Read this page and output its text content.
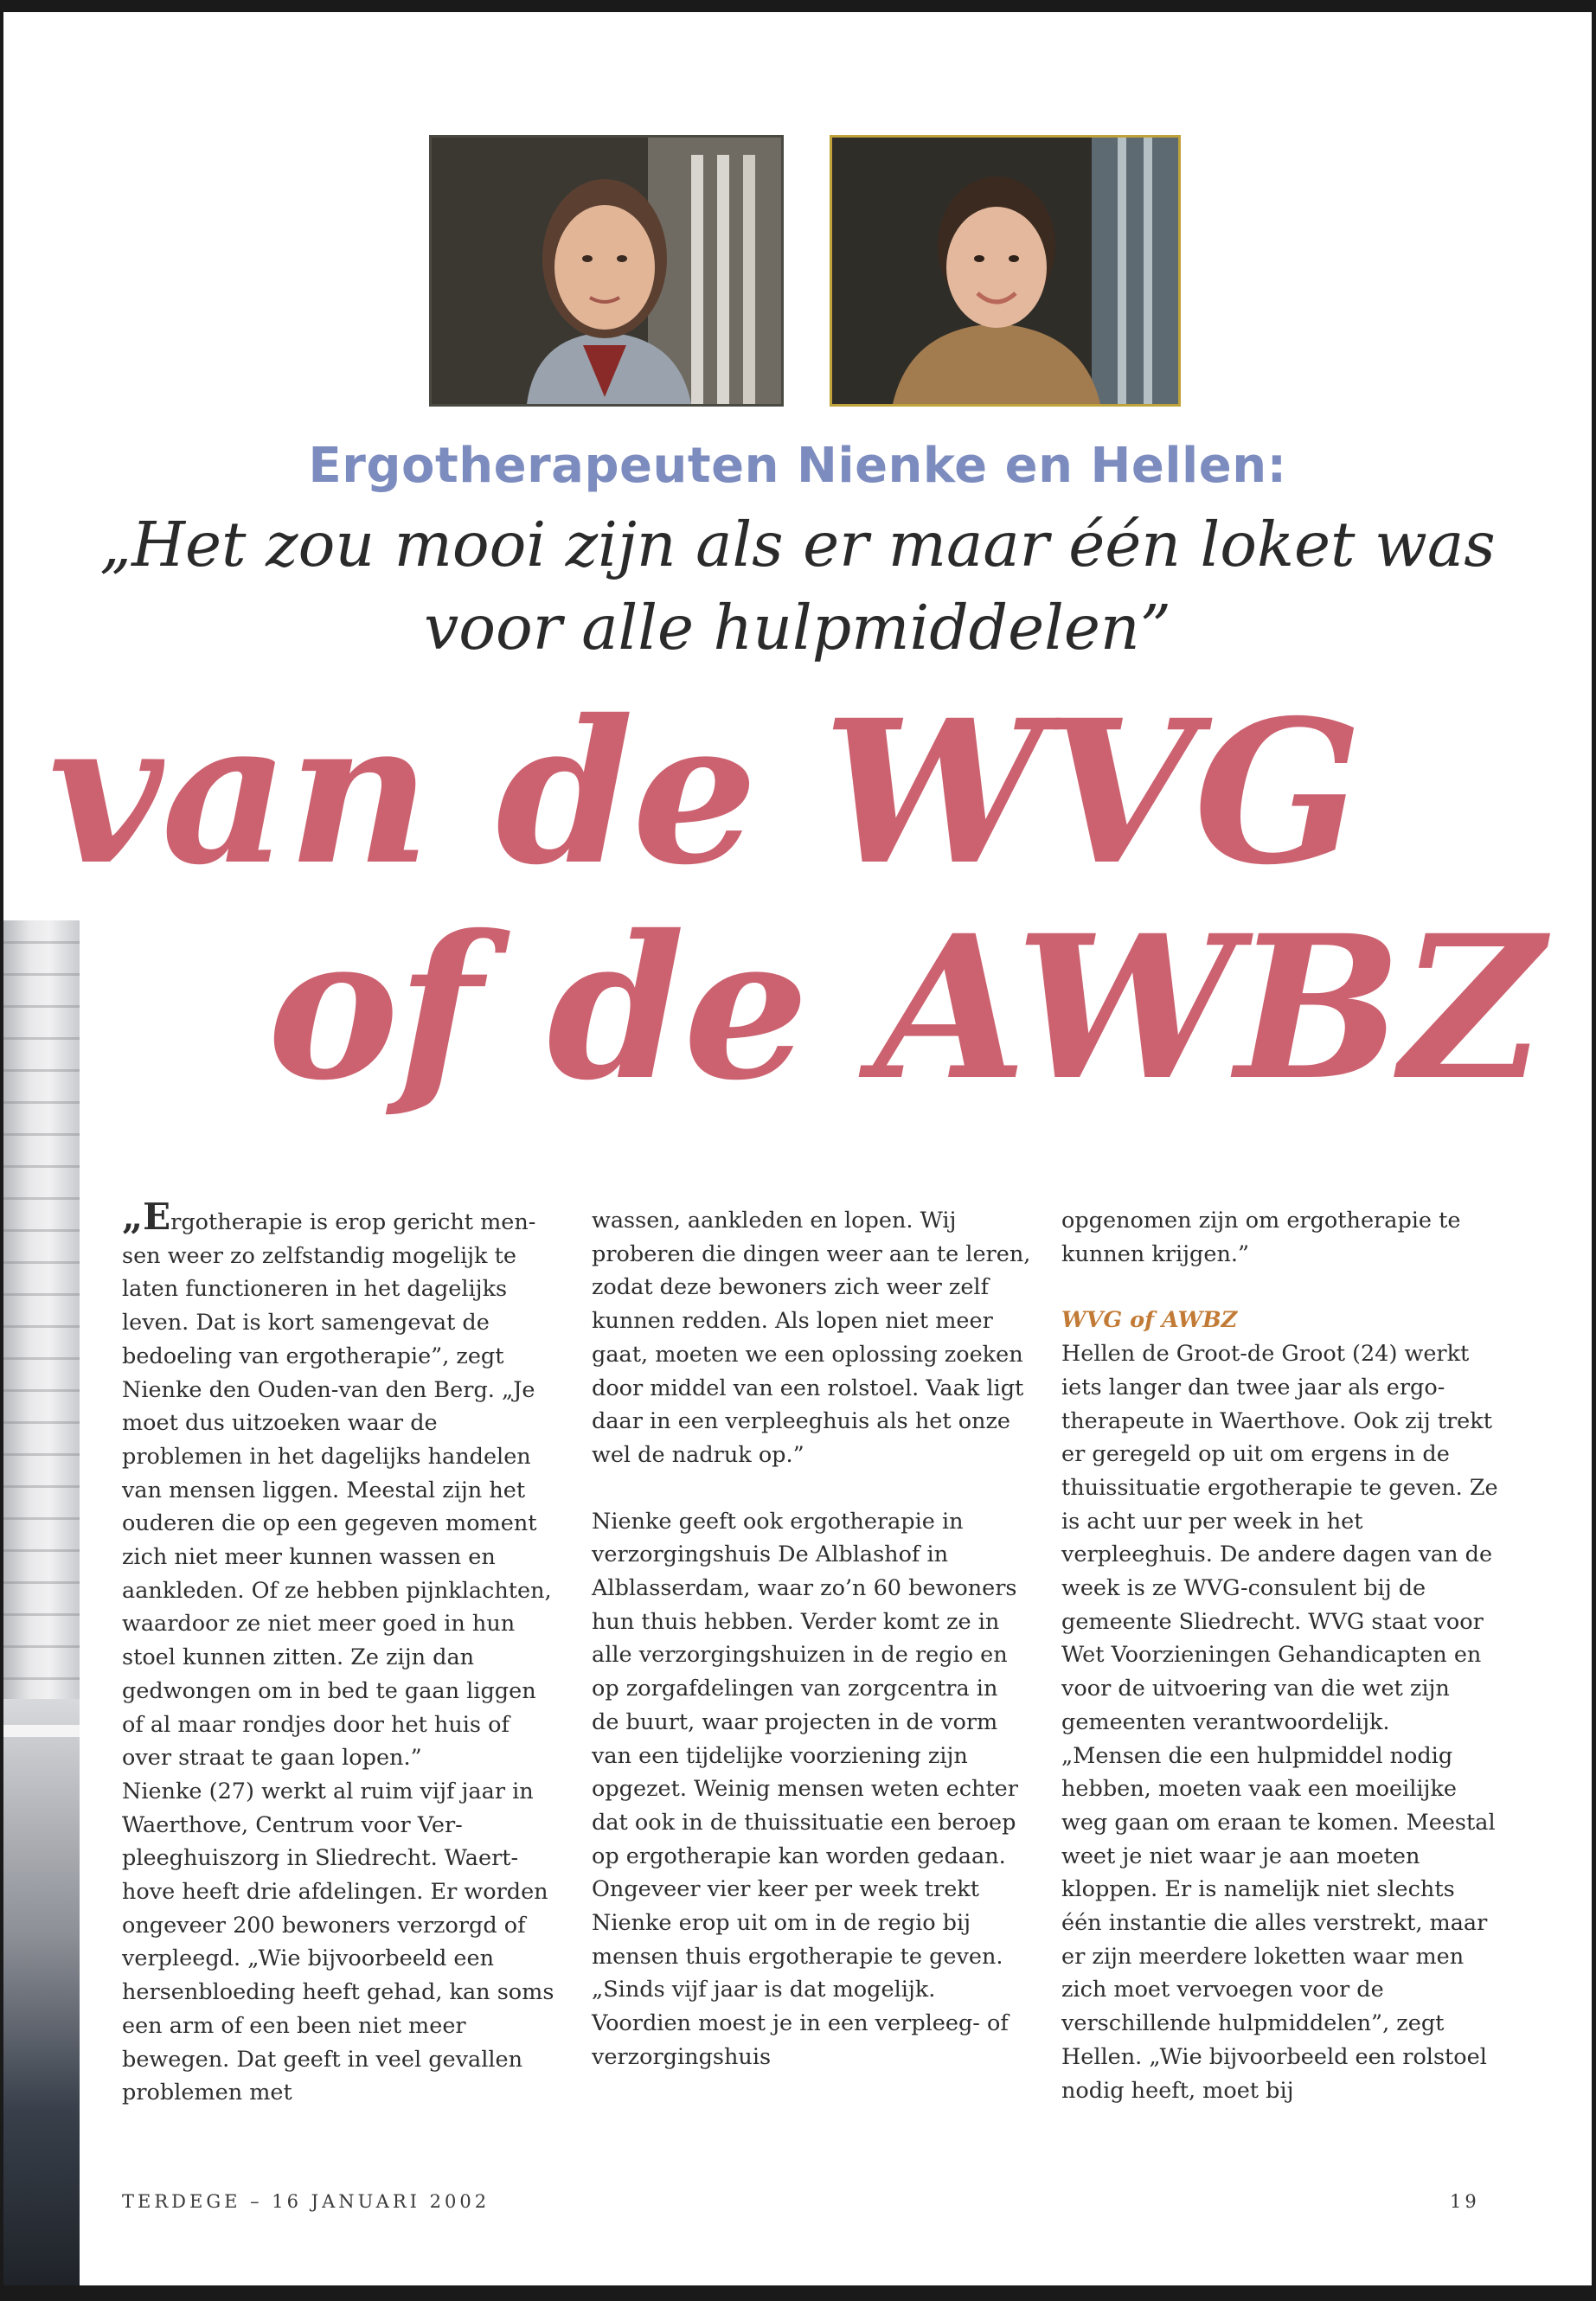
Ergotherapeuten Nienke en Hellen:

„Het zou mooi zijn als er maar één loket was
voor alle hulpmiddelen”
van de WVG
of de AWBZ

„Ergotherapie is erop gericht mensen weer zo zelfstandig mogelijk te laten functioneren in het dagelijks leven. Dat is kort samengevat de bedoeling van ergotherapie”, zegt Nienke den Ouden-van den Berg. „Je moet dus uitzoeken waar de problemen in het dagelijks handelen van mensen liggen. Meestal zijn het ouderen die op een gegeven moment zich niet meer kunnen wassen en aankleden. Of ze hebben pijnklachten, waardoor ze niet meer goed in hun stoel kunnen zitten. Ze zijn dan gedwongen om in bed te gaan liggen of al maar rondjes door het huis of over straat te gaan lopen.”

Nienke (27) werkt al ruim vijf jaar in Waerthove, Centrum voor Verpleeghuiszorg in Sliedrecht. Waerthove heeft drie afdelingen. Er worden ongeveer 200 bewoners verzorgd of verpleegd. „Wie bijvoorbeeld een hersenbloeding heeft gehad, kan soms een arm of een been niet meer bewegen. Dat geeft in veel gevallen problemen met

wassen, aankleden en lopen. Wij proberen die dingen weer aan te leren, zodat deze bewoners zich weer zelf kunnen redden. Als lopen niet meer gaat, moeten we een oplossing zoeken door middel van een rolstoel. Vaak ligt daar in een verpleeghuis als het onze wel de nadruk op.”

Nienke geeft ook ergotherapie in verzorgingshuis De Alblashof in Alblasserdam, waar zo’n 60 bewoners hun thuis hebben. Verder komt ze in alle verzorgingshuizen in de regio en op zorgafdelingen van zorgcentra in de buurt, waar projecten in de vorm van een tijdelijke voorziening zijn opgezet. Weinig mensen weten echter dat ook in de thuissituatie een beroep op ergotherapie kan worden gedaan. Ongeveer vier keer per week trekt Nienke erop uit om in de regio bij mensen thuis ergotherapie te geven. „Sinds vijf jaar is dat mogelijk. Voordien moest je in een verpleeg- of verzorgingshuis

opgenomen zijn om ergotherapie te kunnen krijgen.”

WVG of AWBZ

Hellen de Groot-de Groot (24) werkt iets langer dan twee jaar als ergotherapeute in Waerthove. Ook zij trekt er geregeld op uit om ergens in de thuissituatie ergotherapie te geven. Ze is acht uur per week in het verpleeghuis. De andere dagen van de week is ze WVG-consulent bij de gemeente Sliedrecht. WVG staat voor Wet Voorzieningen Gehandicapten en voor de uitvoering van die wet zijn gemeenten verantwoordelijk.

„Mensen die een hulpmiddel nodig hebben, moeten vaak een moeilijke weg gaan om eraan te komen. Meestal weet je niet waar je aan moeten kloppen. Er is namelijk niet slechts één instantie die alles verstrekt, maar er zijn meerdere loketten waar men zich moet vervoegen voor de verschillende hulpmiddelen”, zegt Hellen. „Wie bijvoorbeeld een rolstoel nodig heeft, moet bij

TERDEGE – 16 JANUARI 2002	19
